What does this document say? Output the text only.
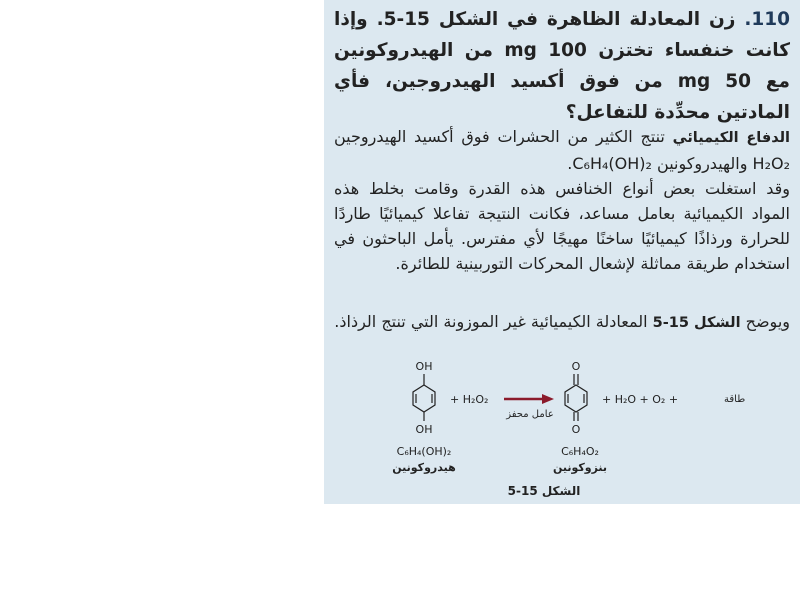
110. زن المعادلة الظاهرة في الشكل 15-5. وإذا كانت خنفساء تختزن 100 mg من الهيدروكونين مع 50 mg من فوق أكسيد الهيدروجين، فأي المادتين محدِّدة للتفاعل؟
الدفاع الكيميائي تنتج الكثير من الحشرات فوق أكسيد الهيدروجين H₂O₂ والهيدروكونين C₆H₄(OH)₂.
وقد استغلت بعض أنواع الخنافس هذه القدرة وقامت بخلط هذه المواد الكيميائية بعامل مساعد، فكانت النتيجة تفاعلا كيميائيًا طاردًا للحرارة ورذاذًا كيميائيًا ساخنًا مهيجًا لأي مفترس. يأمل الباحثون في استخدام طريقة مماثلة لإشعال المحركات التوربينية للطائرة.
ويوضح الشكل 15-5 المعادلة الكيميائية غير الموزونة التي تنتج الرذاذ.
OH
OH
+ H₂O₂
عامل محفز
O
O
+ H₂O + O₂ +	طاقة
C₆H₄(OH)₂
هيدروكونين
C₆H₄O₂
بنزوكونين
الشكل 15-5
